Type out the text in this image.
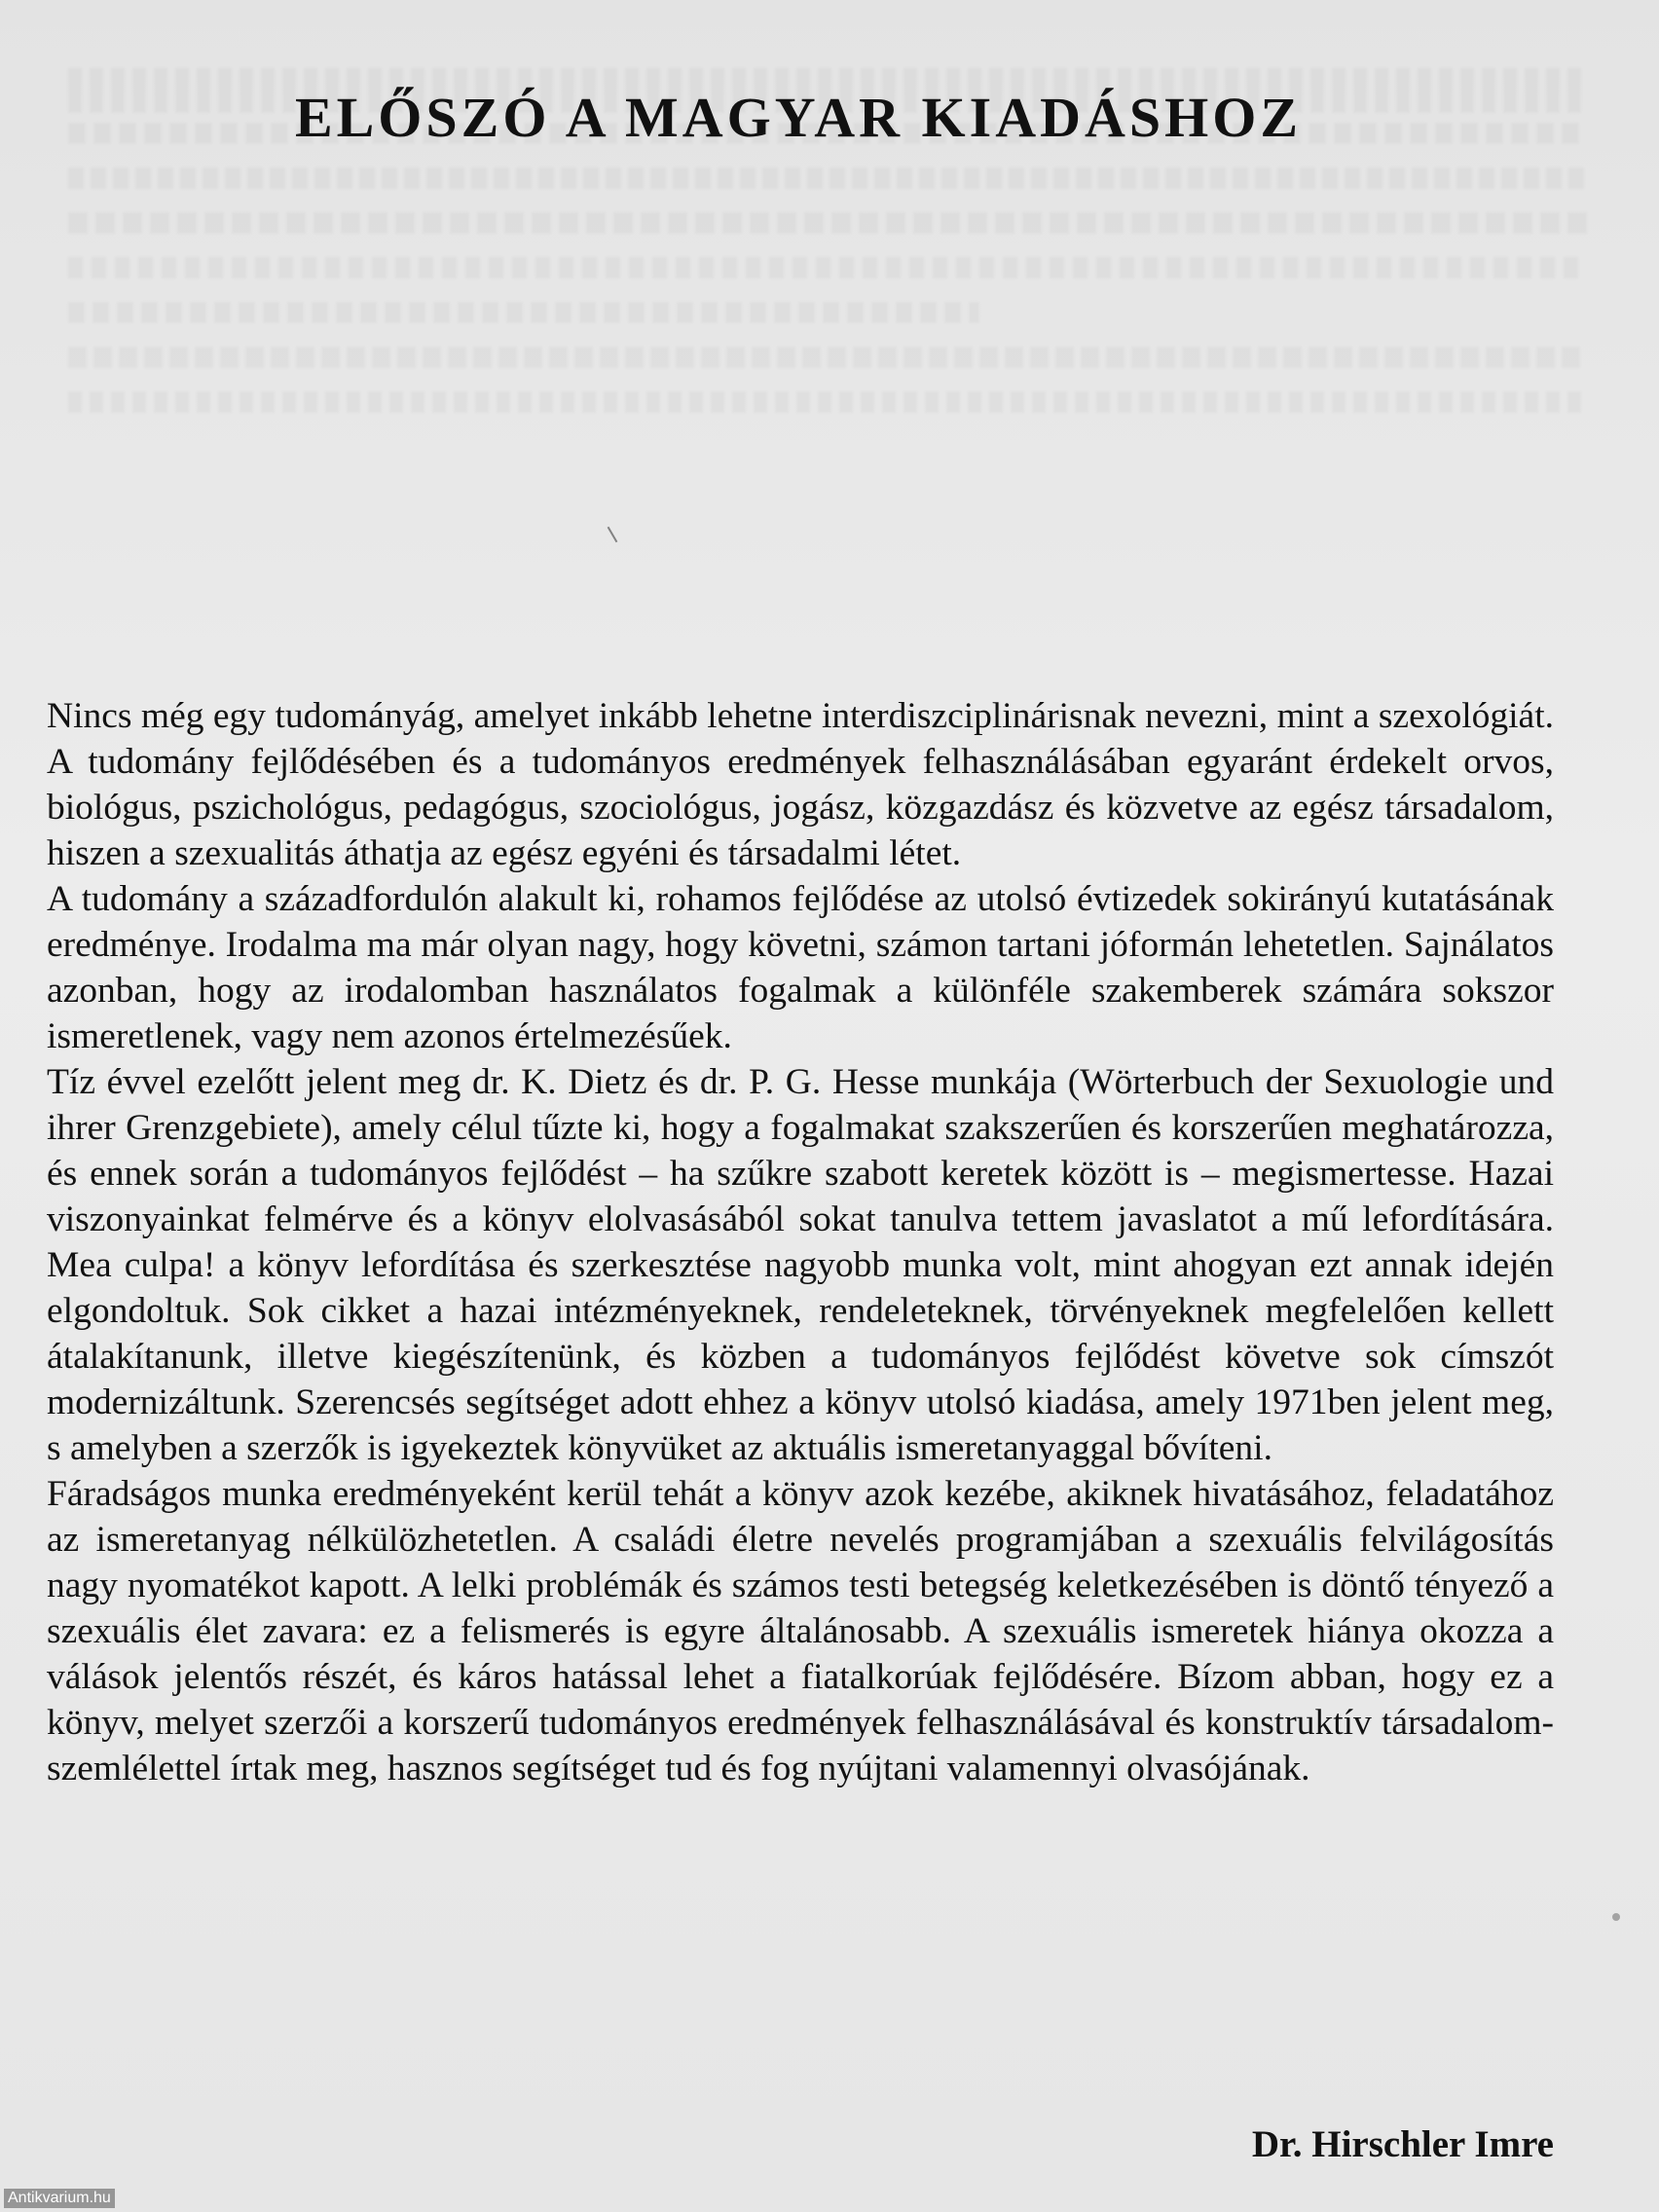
ELŐSZÓ A MAGYAR KIADÁSHOZ

Nincs még egy tudományág, amelyet inkább lehetne interdiszciplinárisnak nevezni, mint a szexológiát. A tudomány fejlődésében és a tudományos eredmények felhasználásában egyaránt érdekelt orvos, biológus, pszichológus, pedagógus, szociológus, jogász, közgazdász és közvetve az egész társadalom, hiszen a szexualitás áthatja az egész egyéni és társadalmi létet.

A tudomány a századfordulón alakult ki, rohamos fejlődése az utolsó évtizedek sokirányú kutatásának eredménye. Irodalma ma már olyan nagy, hogy követni, számon tartani jóformán lehetetlen. Sajnálatos azonban, hogy az irodalomban használatos fogalmak a különféle szakemberek számára sokszor ismeretlenek, vagy nem azonos értelmezésűek.

Tíz évvel ezelőtt jelent meg dr. K. Dietz és dr. P. G. Hesse munkája (Wörterbuch der Sexuologie und ihrer Grenzgebiete), amely célul tűzte ki, hogy a fogalmakat szakszerűen és korszerűen meghatározza, és ennek során a tudományos fejlődést – ha szűkre szabott keretek között is – megismertesse. Hazai viszonyainkat felmérve és a könyv elolvasásából sokat tanulva tettem javaslatot a mű lefordítására. Mea culpa! a könyv lefordítása és szerkesztése nagyobb munka volt, mint ahogyan ezt annak idején elgondoltuk. Sok cikket a hazai intézményeknek, rendeleteknek, törvényeknek megfelelően kellett átalakítanunk, illetve kiegészítenünk, és közben a tudományos fejlődést követve sok címszót modernizáltunk. Szerencsés segítséget adott ehhez a könyv utolsó kiadása, amely 1971ben jelent meg, s amelyben a szerzők is igyekeztek könyvüket az aktuális ismeretanyaggal bővíteni.

Fáradságos munka eredményeként kerül tehát a könyv azok kezébe, akiknek hivatásához, feladatához az ismeretanyag nélkülözhetetlen. A családi életre nevelés programjában a szexuális felvilágosítás nagy nyomatékot kapott. A lelki problémák és számos testi betegség keletkezésében is döntő tényező a szexuális élet zavara: ez a felismerés is egyre általánosabb. A szexuális ismeretek hiánya okozza a válások jelentős részét, és káros hatással lehet a fiatalkorúak fejlődésére. Bízom abban, hogy ez a könyv, melyet szerzői a korszerű tudományos eredmények felhasználásával és konstruktív társadalomszemlélettel írtak meg, hasznos segítséget tud és fog nyújtani valamennyi olvasójának.

Dr. Hirschler Imre
Antikvarium.hu
